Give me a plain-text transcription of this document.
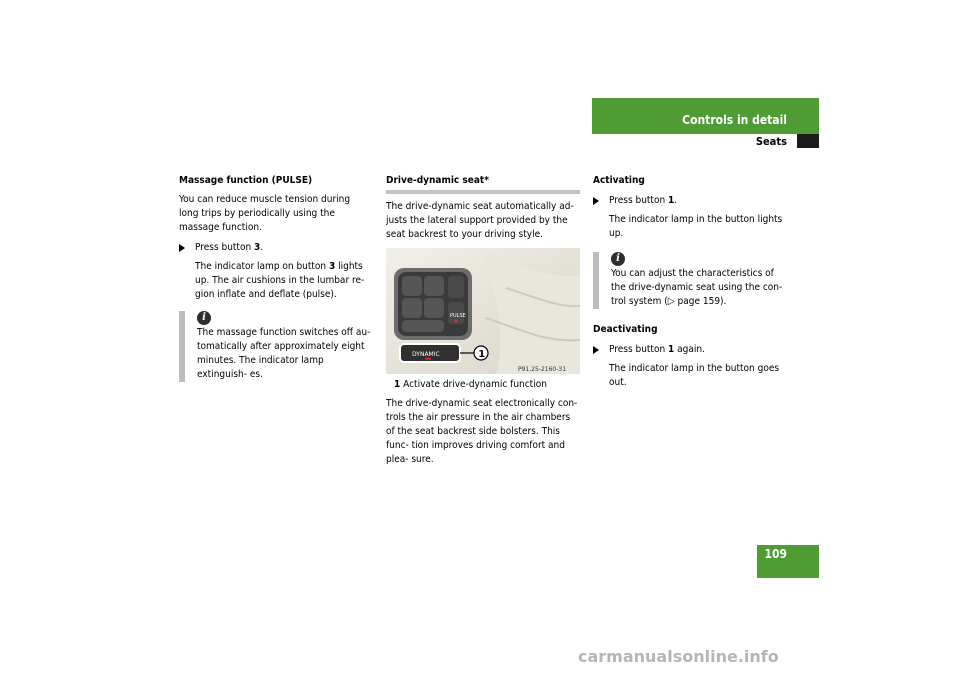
Controls in detail
Seats

Massage function (PULSE)

You can reduce muscle tension during long trips by periodically using the massage function.

Press button 3.

The indicator lamp on button 3 lights up. The air cushions in the lumbar re- gion inflate and deflate (pulse).

i

The massage function switches off au- tomatically after approximately eight minutes. The indicator lamp extinguish- es.

Drive-dynamic seat*

The drive-dynamic seat automatically ad- justs the lateral support provided by the seat backrest to your driving style.

PULSE
DYNAMIC	1
P91.25-2160-31

1 Activate drive-dynamic function

The drive-dynamic seat electronically con- trols the air pressure in the air chambers of the seat backrest side bolsters. This func- tion improves driving comfort and plea- sure.

Activating

Press button 1.

The indicator lamp in the button lights up.

i

You can adjust the characteristics of the drive-dynamic seat using the con- trol system (▷ page 159).

Deactivating

Press button 1 again.

The indicator lamp in the button goes out.

109
carmanualsonline.info
